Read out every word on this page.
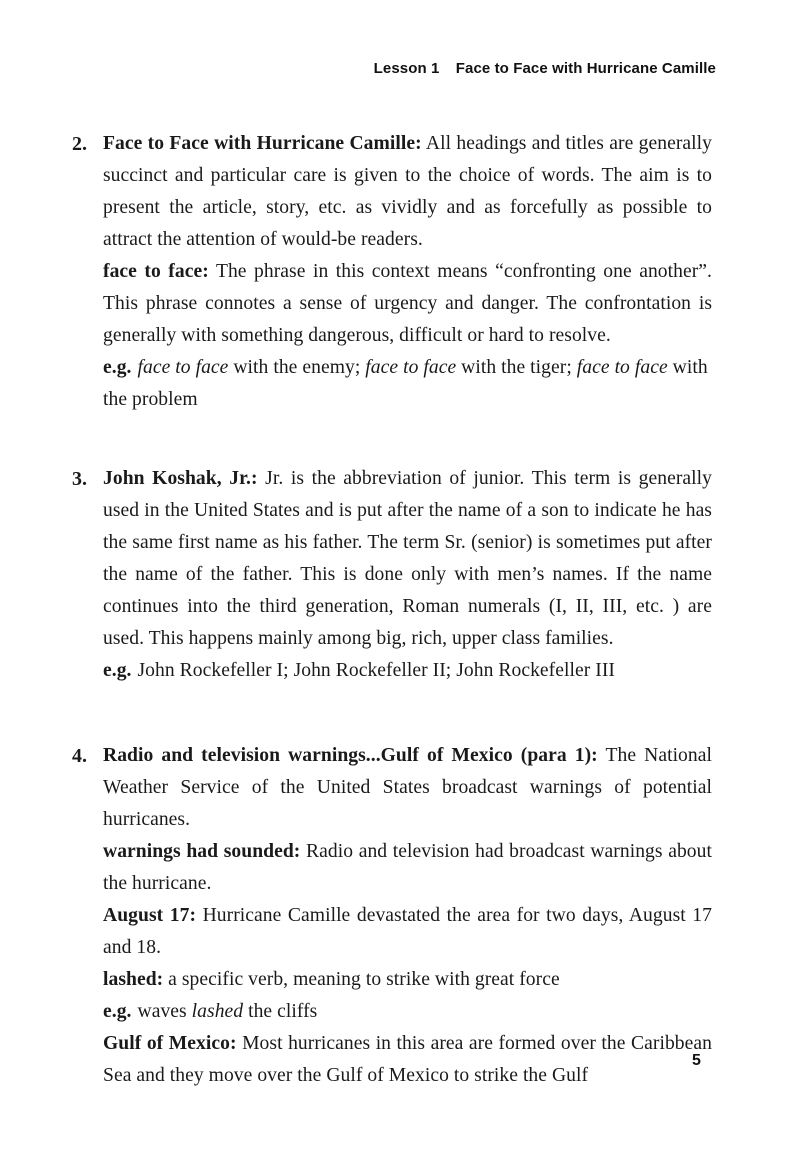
Lesson 1 Face to Face with Hurricane Camille
2. Face to Face with Hurricane Camille: All headings and titles are generally succinct and particular care is given to the choice of words. The aim is to present the article, story, etc. as vividly and as forcefully as possible to attract the attention of would-be readers.

face to face: The phrase in this context means “confronting one another”. This phrase connotes a sense of urgency and danger. The confrontation is generally with something dangerous, difficult or hard to resolve.

e.g. face to face with the enemy; face to face with the tiger; face to face with the problem

3. John Koshak, Jr.: Jr. is the abbreviation of junior. This term is generally used in the United States and is put after the name of a son to indicate he has the same first name as his father. The term Sr. (senior) is sometimes put after the name of the father. This is done only with men’s names. If the name continues into the third generation, Roman numerals (I, II, III, etc. ) are used. This happens mainly among big, rich, upper class families.

e.g. John Rockefeller I; John Rockefeller II; John Rockefeller III

4. Radio and television warnings...Gulf of Mexico (para 1): The National Weather Service of the United States broadcast warnings of potential hurricanes.

warnings had sounded: Radio and television had broadcast warnings about the hurricane.

August 17: Hurricane Camille devastated the area for two days, August 17 and 18.

lashed: a specific verb, meaning to strike with great force

e.g. waves lashed the cliffs

Gulf of Mexico: Most hurricanes in this area are formed over the Caribbean Sea and they move over the Gulf of Mexico to strike the Gulf

5
